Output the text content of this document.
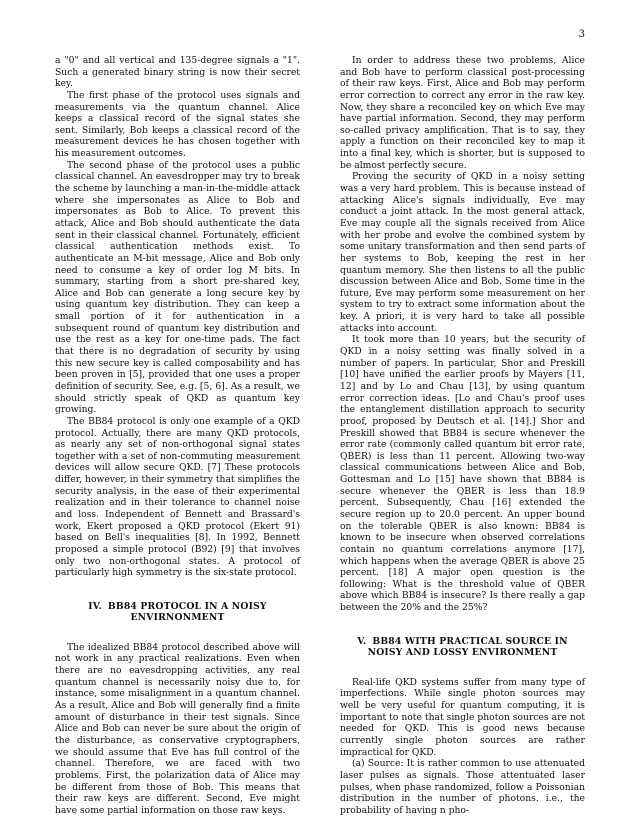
3

a "0" and all vertical and 135-degree signals a "1". Such a generated binary string is now their secret key.

The first phase of the protocol uses signals and measurements via the quantum channel. Alice keeps a classical record of the signal states she sent. Similarly, Bob keeps a classical record of the measurement devices he has chosen together with his measurement outcomes.

The second phase of the protocol uses a public classical channel. An eavesdropper may try to break the scheme by launching a man-in-the-middle attack where she impersonates as Alice to Bob and impersonates as Bob to Alice. To prevent this attack, Alice and Bob should authenticate the data sent in their classical channel. Fortunately, efficient classical authentication methods exist. To authenticate an M-bit message, Alice and Bob only need to consume a key of order log M bits. In summary, starting from a short pre-shared key, Alice and Bob can generate a long secure key by using quantum key distribution. They can keep a small portion of it for authentication in a subsequent round of quantum key distribution and use the rest as a key for one-time pads. The fact that there is no degradation of security by using this new secure key is called composability and has been proven in [5], provided that one uses a proper definition of security. See, e.g. [5, 6]. As a result, we should strictly speak of QKD as quantum key growing.

The BB84 protocol is only one example of a QKD protocol. Actually, there are many QKD protocols, as nearly any set of non-orthogonal signal states together with a set of non-commuting measurement devices will allow secure QKD. [7] These protocols differ, however, in their symmetry that simplifies the security analysis, in the ease of their experimental realization and in their tolerance to channel noise and loss. Independent of Bennett and Brassard's work, Ekert proposed a QKD protocol (Ekert 91) based on Bell's inequalities [8]. In 1992, Bennett proposed a simple protocol (B92) [9] that involves only two non-orthogonal states. A protocol of particularly high symmetry is the six-state protocol.

IV. BB84 PROTOCOL IN A NOISY ENVIRNONMENT

The idealized BB84 protocol described above will not work in any practical realizations. Even when there are no eavesdropping activities, any real quantum channel is necessarily noisy due to, for instance, some misalignment in a quantum channel. As a result, Alice and Bob will generally find a finite amount of disturbance in their test signals. Since Alice and Bob can never be sure about the origin of the disturbance, as conservative cryptographers, we should assume that Eve has full control of the channel. Therefore, we are faced with two problems. First, the polarization data of Alice may be different from those of Bob. This means that their raw keys are different. Second, Eve might have some partial information on those raw keys.

In order to address these two problems, Alice and Bob have to perform classical post-processing of their raw keys. First, Alice and Bob may perform error correction to correct any error in the raw key. Now, they share a reconciled key on which Eve may have partial information. Second, they may perform so-called privacy amplification. That is to say, they apply a function on their reconciled key to map it into a final key, which is shorter, but is supposed to be almost perfectly secure.

Proving the security of QKD in a noisy setting was a very hard problem. This is because instead of attacking Alice's signals individually, Eve may conduct a joint attack. In the most general attack, Eve may couple all the signals received from Alice with her probe and evolve the combined system by some unitary transformation and then send parts of her systems to Bob, keeping the rest in her quantum memory. She then listens to all the public discussion between Alice and Bob. Some time in the future, Eve may perform some measurement on her system to try to extract some information about the key. A priori, it is very hard to take all possible attacks into account.

It took more than 10 years, but the security of QKD in a noisy setting was finally solved in a number of papers. In particular, Shor and Preskill [10] have unified the earlier proofs by Mayers [11, 12] and by Lo and Chau [13], by using quantum error correction ideas. [Lo and Chau's proof uses the entanglement distillation approach to security proof, proposed by Deutsch et al. [14].] Shor and Preskill showed that BB84 is secure whenever the error rate (commonly called quantum bit error rate, QBER) is less than 11 percent. Allowing two-way classical communications between Alice and Bob, Gottesman and Lo [15] have shown that BB84 is secure whenever the QBER is less than 18.9 percent. Subsequently, Chau [16] extended the secure region up to 20.0 percent. An upper bound on the tolerable QBER is also known: BB84 is known to be insecure when observed correlations contain no quantum correlations anymore [17], which happens when the average QBER is above 25 percent. [18] A major open question is the following: What is the threshold value of QBER above which BB84 is insecure? Is there really a gap between the 20% and the 25%?

V. BB84 WITH PRACTICAL SOURCE IN NOISY AND LOSSY ENVIRONMENT

Real-life QKD systems suffer from many type of imperfections. While single photon sources may well be very useful for quantum computing, it is important to note that single photon sources are not needed for QKD. This is good news because currently single photon sources are rather impractical for QKD.

(a) Source: It is rather common to use attenuated laser pulses as signals. Those attentuated laser pulses, when phase randomized, follow a Poissonian distribution in the number of photons. i.e., the probability of having n pho-
